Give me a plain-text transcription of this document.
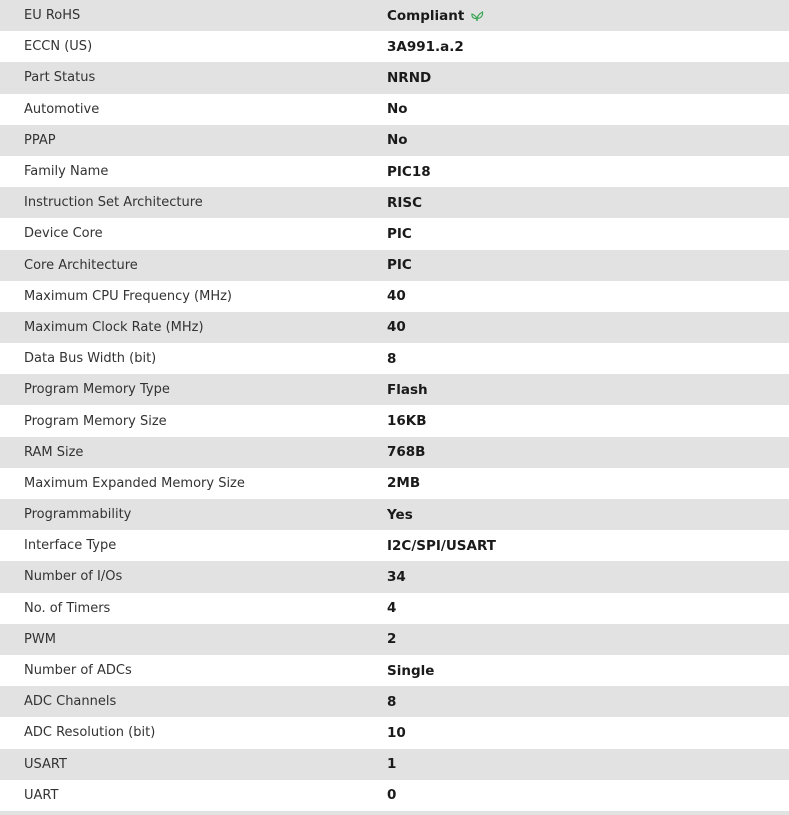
EU RoHS	Compliant
ECCN (US)	3A991.a.2
Part Status	NRND
Automotive	No
PPAP	No
Family Name	PIC18
Instruction Set Architecture	RISC
Device Core	PIC
Core Architecture	PIC
Maximum CPU Frequency (MHz)	40
Maximum Clock Rate (MHz)	40
Data Bus Width (bit)	8
Program Memory Type	Flash
Program Memory Size	16KB
RAM Size	768B
Maximum Expanded Memory Size	2MB
Programmability	Yes
Interface Type	I2C/SPI/USART
Number of I/Os	34
No. of Timers	4
PWM	2
Number of ADCs	Single
ADC Channels	8
ADC Resolution (bit)	10
USART	1
UART	0
